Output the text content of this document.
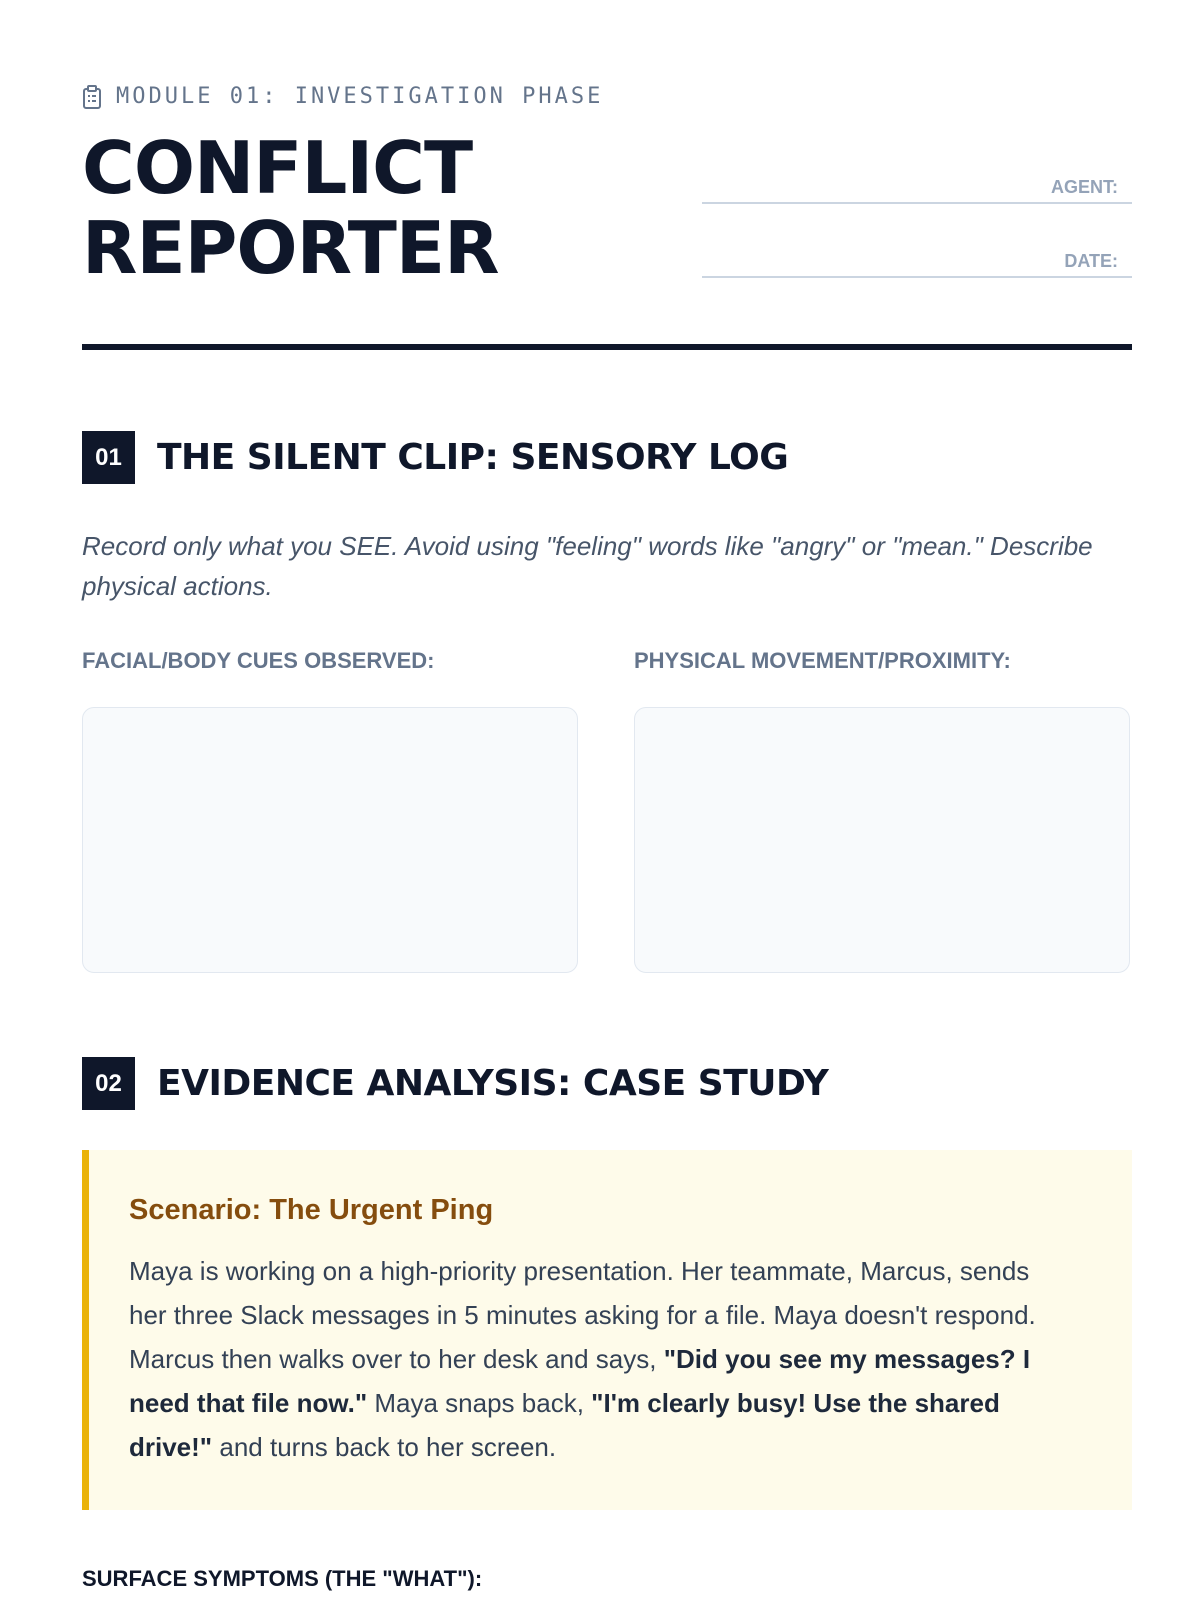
MODULE 01: INVESTIGATION PHASE
CONFLICT
REPORTER
AGENT:
DATE:
01 THE SILENT CLIP: SENSORY LOG

Record only what you SEE. Avoid using "feeling" words like "angry" or "mean." Describe physical actions.

FACIAL/BODY CUES OBSERVED:	PHYSICAL MOVEMENT/PROXIMITY:
02 EVIDENCE ANALYSIS: CASE STUDY

Scenario: The Urgent Ping

Maya is working on a high-priority presentation. Her teammate, Marcus, sends her three Slack messages in 5 minutes asking for a file. Maya doesn't respond. Marcus then walks over to her desk and says, "Did you see my messages? I need that file now." Maya snaps back, "I'm clearly busy! Use the shared drive!" and turns back to her screen.

SURFACE SYMPTOMS (THE "WHAT"):
